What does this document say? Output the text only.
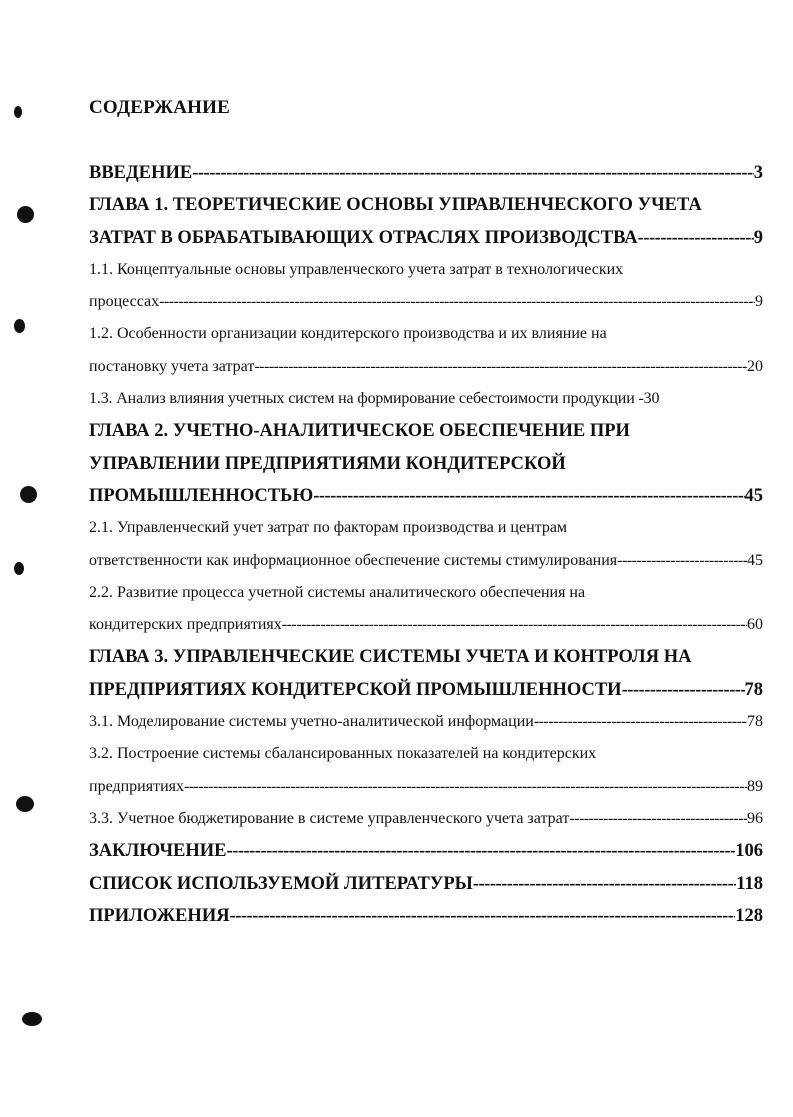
СОДЕРЖАНИЕ
ВВЕДЕНИЕ -----	3
ГЛАВА 1. ТЕОРЕТИЧЕСКИЕ ОСНОВЫ УПРАВЛЕНЧЕСКОГО УЧЕТА
ЗАТРАТ В ОБРАБАТЫВАЮЩИХ ОТРАСЛЯХ ПРОИЗВОДСТВА -----	9
1.1. Концептуальные основы управленческого учета затрат в технологических
процессах -----	9
1.2. Особенности организации кондитерского производства и их влияние на
постановку учета затрат -----	20
1.3. Анализ влияния учетных систем на формирование себестоимости продукции -30
ГЛАВА 2. УЧЕТНО-АНАЛИТИЧЕСКОЕ ОБЕСПЕЧЕНИЕ ПРИ
УПРАВЛЕНИИ ПРЕДПРИЯТИЯМИ КОНДИТЕРСКОЙ
ПРОМЫШЛЕННОСТЬЮ -----	45
2.1. Управленческий учет затрат по факторам производства и центрам
ответственности как информационное обеспечение системы стимулирования -----	45
2.2. Развитие процесса учетной системы аналитического обеспечения на
кондитерских предприятиях -----	60
ГЛАВА 3. УПРАВЛЕНЧЕСКИЕ СИСТЕМЫ УЧЕТА И КОНТРОЛЯ НА
ПРЕДПРИЯТИЯХ КОНДИТЕРСКОЙ ПРОМЫШЛЕННОСТИ -----	78
3.1. Моделирование системы учетно-аналитической информации -----	78
3.2. Построение системы сбалансированных показателей на кондитерских
предприятиях -----	89
3.3. Учетное бюджетирование в системе управленческого учета затрат -----	96
ЗАКЛЮЧЕНИЕ -----	106
СПИСОК ИСПОЛЬЗУЕМОЙ ЛИТЕРАТУРЫ -----	118
ПРИЛОЖЕНИЯ -----	128
